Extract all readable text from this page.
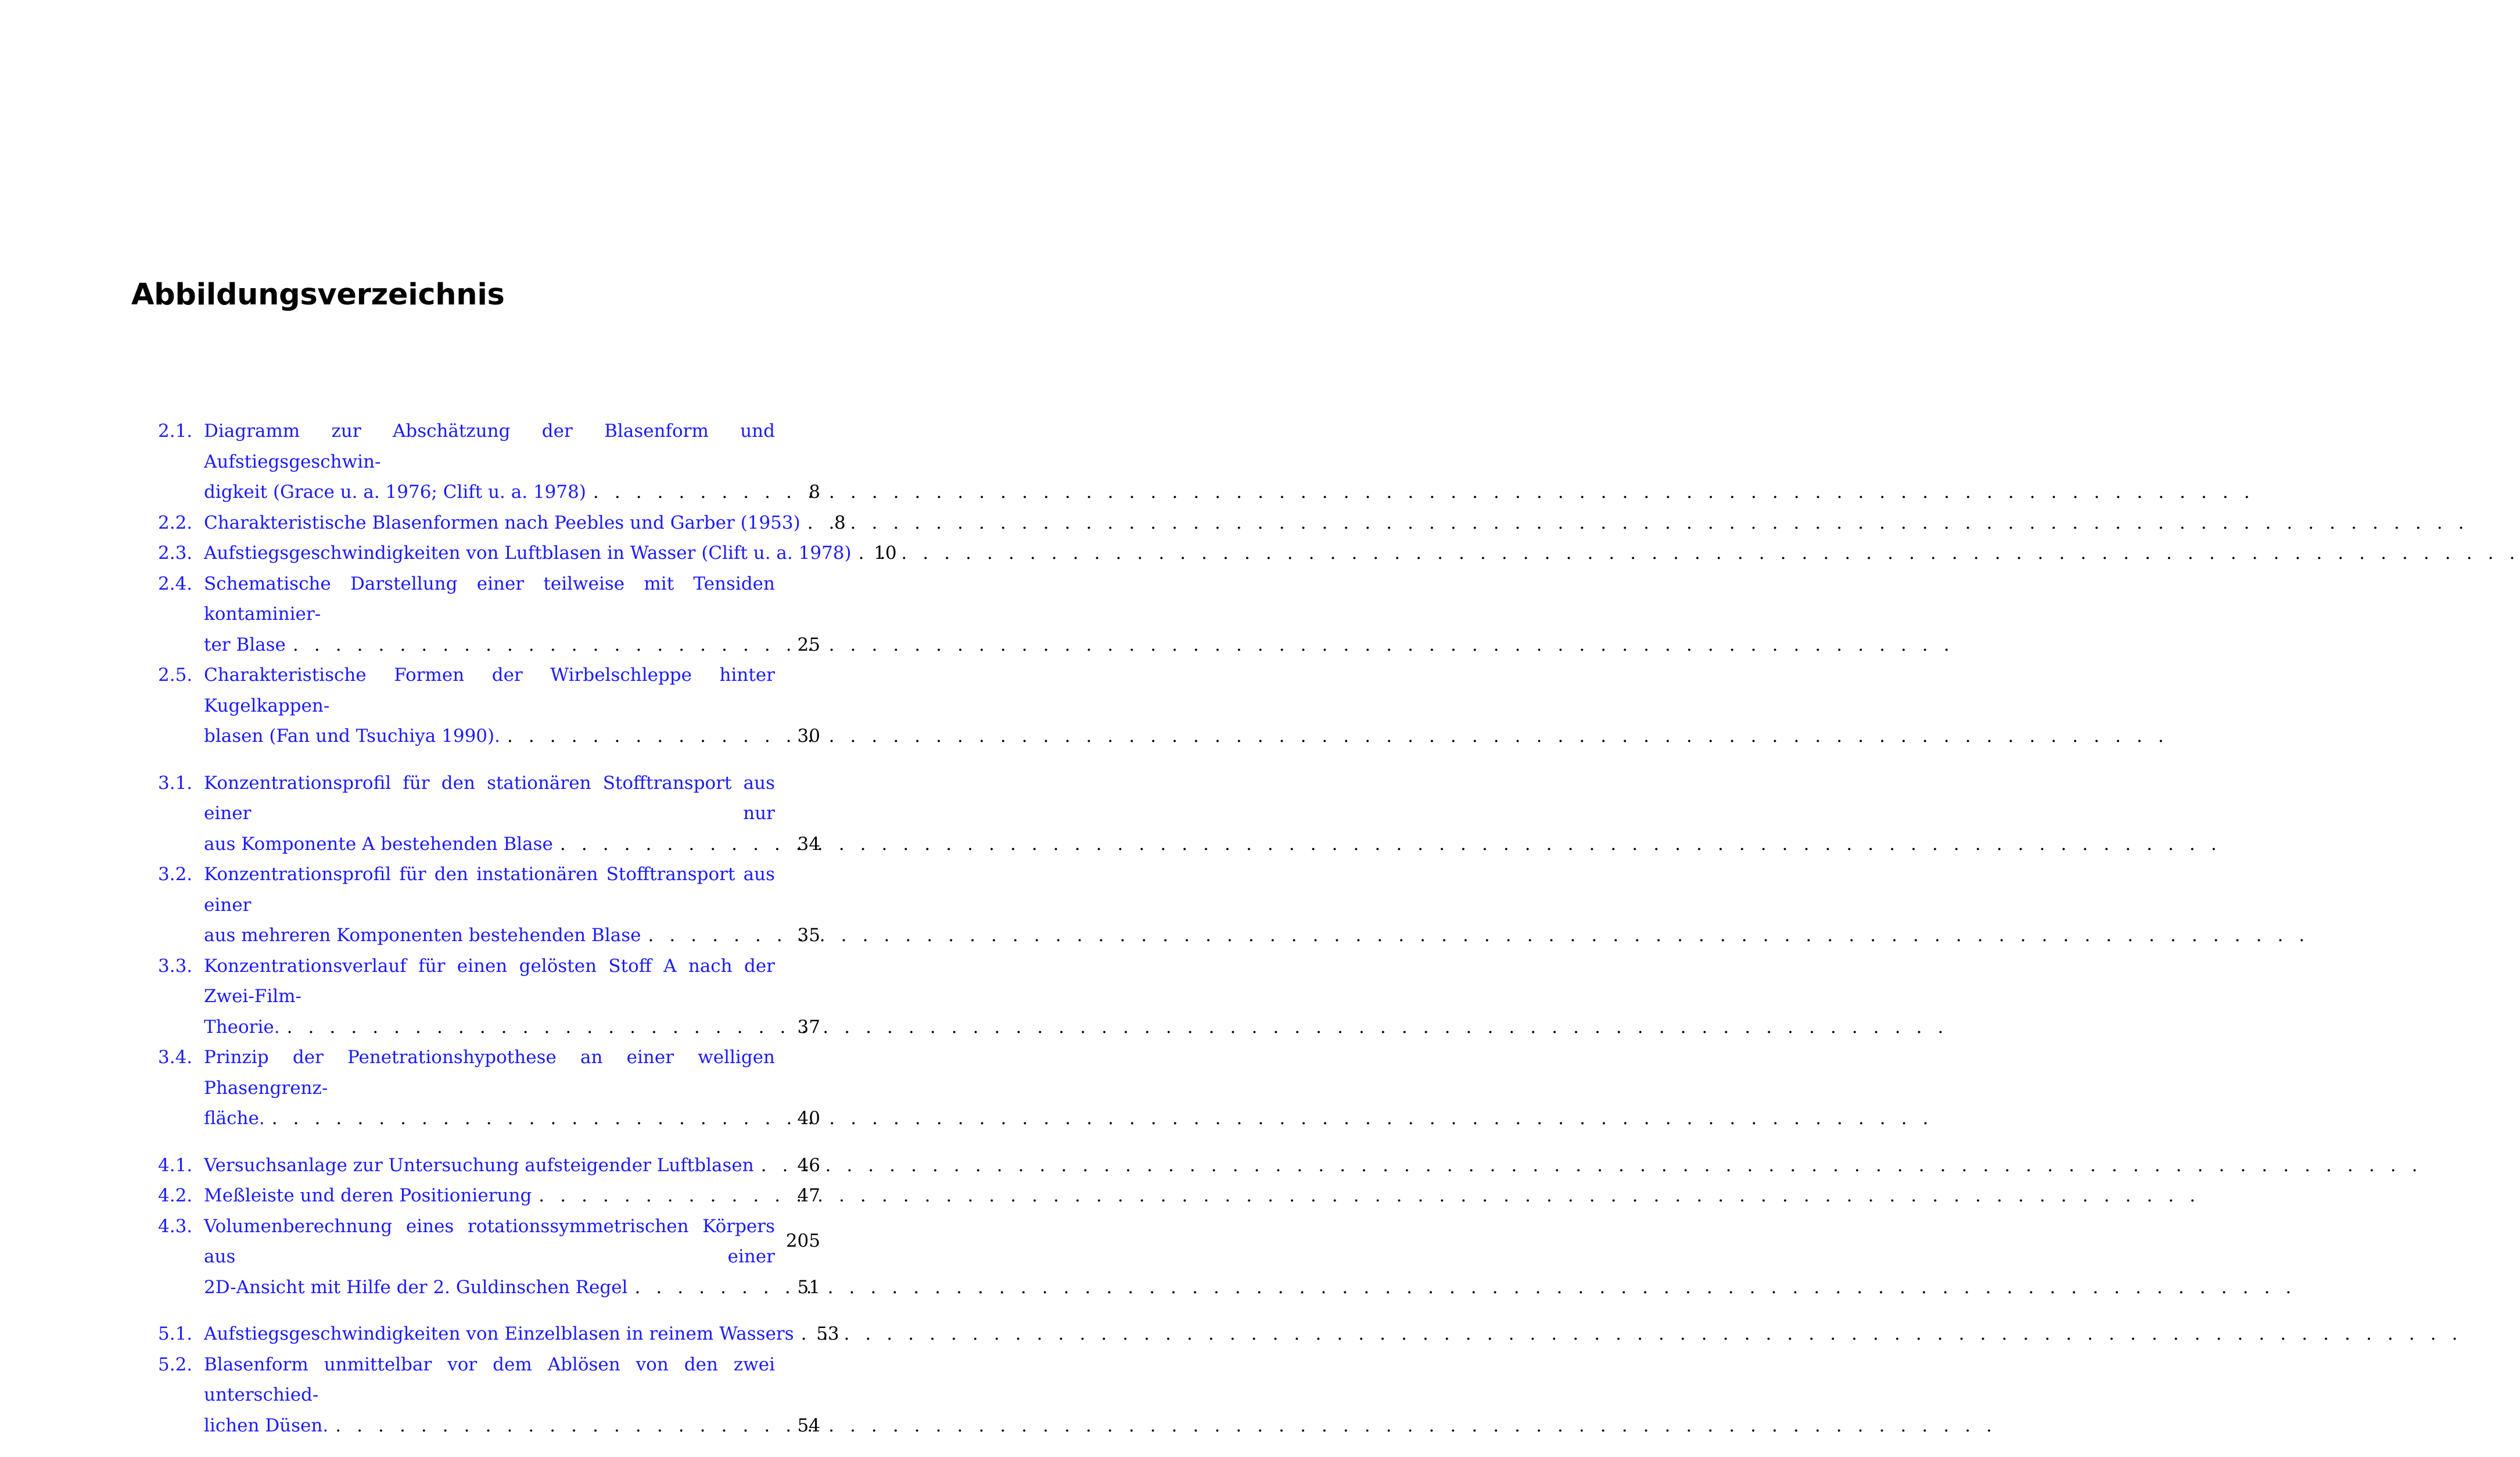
Abbildungsverzeichnis
2.1. Diagramm zur Abschätzung der Blasenform und Aufstiegsgeschwin-
digkeit (Grace u. a. 1976; Clift u. a. 1978) . . .	8
2.2. Charakteristische Blasenformen nach Peebles und Garber (1953) . . .	8
2.3. Aufstiegsgeschwindigkeiten von Luftblasen in Wasser (Clift u. a. 1978) . . .	10
2.4. Schematische Darstellung einer teilweise mit Tensiden kontaminier-
ter Blase . . .	25
2.5. Charakteristische Formen der Wirbelschleppe hinter Kugelkappen-
blasen (Fan und Tsuchiya 1990). . . .	30
3.1. Konzentrationsprofil für den stationären Stofftransport aus einer nur
aus Komponente A bestehenden Blase . . .	34
3.2. Konzentrationsprofil für den instationären Stofftransport aus einer
aus mehreren Komponenten bestehenden Blase . . .	35
3.3. Konzentrationsverlauf für einen gelösten Stoff A nach der Zwei-Film-
Theorie. . . .	37
3.4. Prinzip der Penetrationshypothese an einer welligen Phasengrenz-
fläche. . . .	40
4.1. Versuchsanlage zur Untersuchung aufsteigender Luftblasen . . .	46
4.2. Meßleiste und deren Positionierung . . .	47
4.3. Volumenberechnung eines rotationssymmetrischen Körpers aus einer
2D-Ansicht mit Hilfe der 2. Guldinschen Regel . . .	51
5.1. Aufstiegsgeschwindigkeiten von Einzelblasen in reinem Wassers . . .	53
5.2. Blasenform unmittelbar vor dem Ablösen von den zwei unterschied-
lichen Düsen. . . .	54
205
